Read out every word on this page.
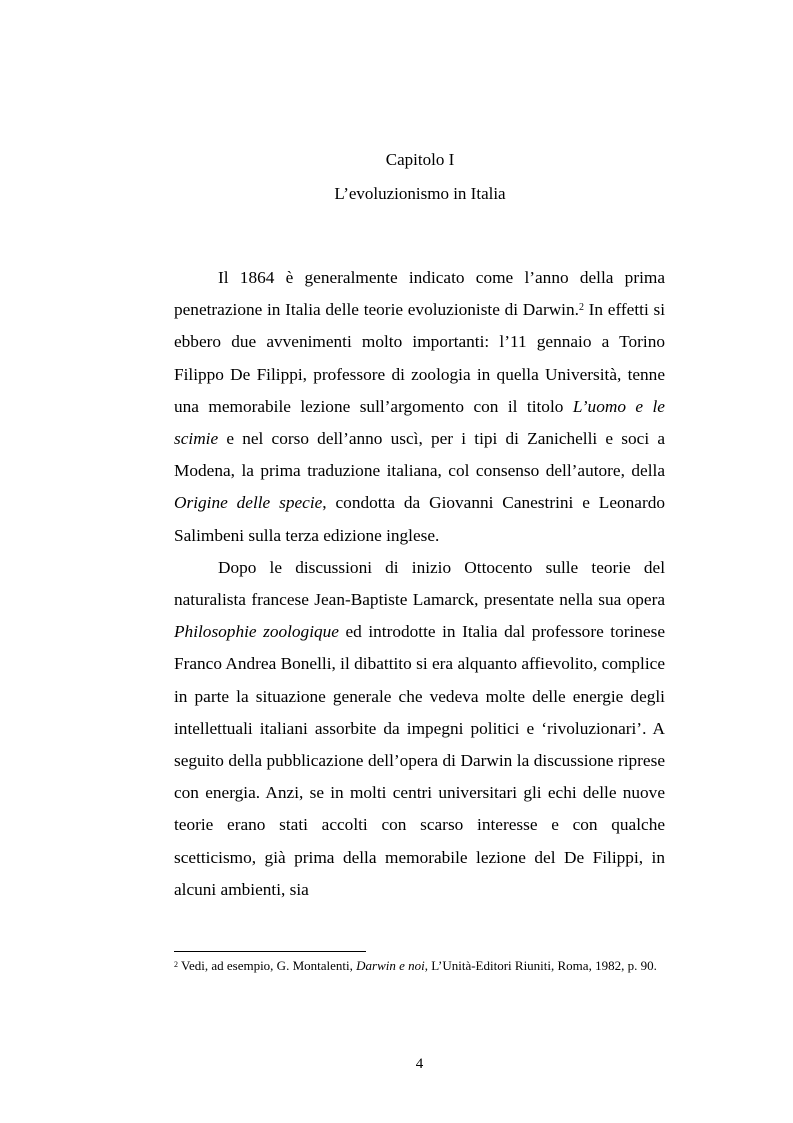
Capitolo I
L’evoluzionismo in Italia

Il 1864 è generalmente indicato come l’anno della prima penetrazione in Italia delle teorie evoluzioniste di Darwin.$^2$ In effetti si ebbero due avvenimenti molto importanti: l’11 gennaio a Torino Filippo De Filippi, professore di zoologia in quella Università, tenne una memorabile lezione sull’argomento con il titolo L’uomo e le scimie e nel corso dell’anno uscì, per i tipi di Zanichelli e soci a Modena, la prima traduzione italiana, col consenso dell’autore, della Origine delle specie, condotta da Giovanni Canestrini e Leonardo Salimbeni sulla terza edizione inglese.

Dopo le discussioni di inizio Ottocento sulle teorie del naturalista francese Jean-Baptiste Lamarck, presentate nella sua opera Philosophie zoologique ed introdotte in Italia dal professore torinese Franco Andrea Bonelli, il dibattito si era alquanto affievolito, complice in parte la situazione generale che vedeva molte delle energie degli intellettuali italiani assorbite da impegni politici e ‘rivoluzionari’. A seguito della pubblicazione dell’opera di Darwin la discussione riprese con energia. Anzi, se in molti centri universitari gli echi delle nuove teorie erano stati accolti con scarso interesse e con qualche scetticismo, già prima della memorabile lezione del De Filippi, in alcuni ambienti, sia

$^2$ Vedi, ad esempio, G. Montalenti, Darwin e noi, L’Unità-Editori Riuniti, Roma, 1982, p. 90.
4
